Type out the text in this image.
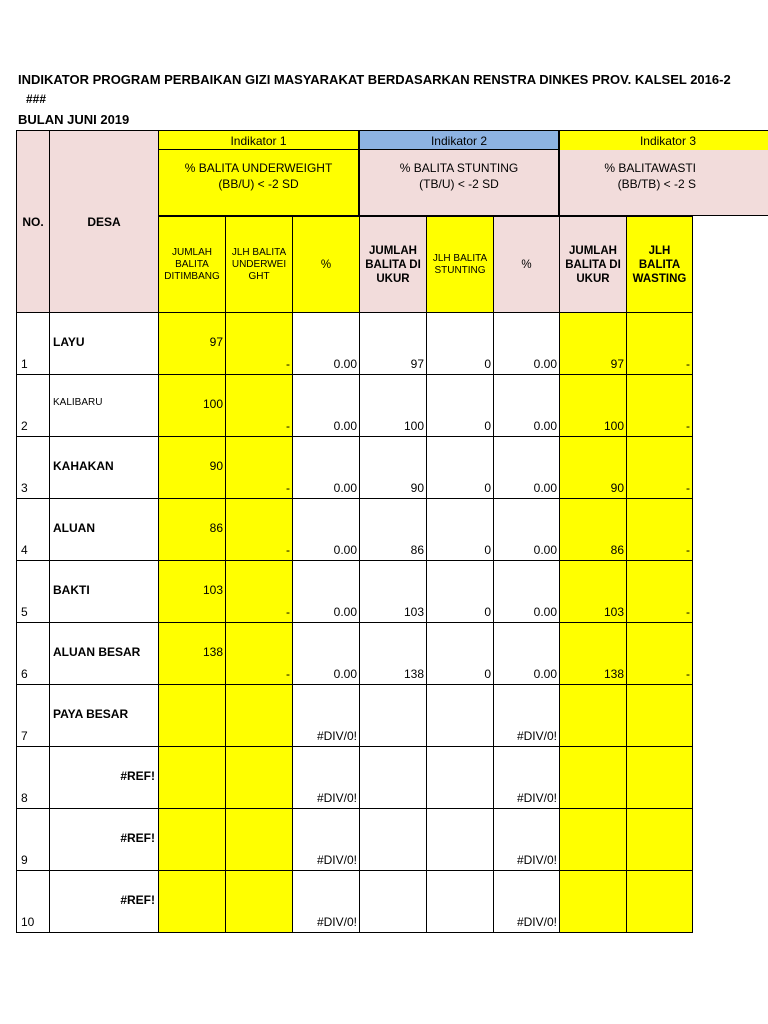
INDIKATOR PROGRAM PERBAIKAN GIZI MASYARAKAT BERDASARKAN RENSTRA DINKES PROV. KALSEL 2016-2
###
BULAN JUNI 2019
NO.	DESA								

		JUMLAH BALITA DITIMBANG	JLH BALITA UNDERWEI GHT	%	JUMLAH BALITA DI UKUR	JLH BALITA STUNTING	%	JUMLAH BALITA DI UKUR	JLH BALITA WASTING

Indikator 1	Indikator 2	Indikator 3
% BALITA UNDERWEIGHT
(BB/U) < -2 SD
% BALITA STUNTING
(TB/U) < -2 SD
% BALITAWASTI
(BB/TB) < -2 S
1	LAYU	97	-	0.00	97	0	0.00	97	-
2	KALIBARU	100	-	0.00	100	0	0.00	100	-
3	KAHAKAN	90	-	0.00	90	0	0.00	90	-
4	ALUAN	86	-	0.00	86	0	0.00	86	-
5	BAKTI	103	-	0.00	103	0	0.00	103	-
6	ALUAN BESAR	138	-	0.00	138	0	0.00	138	-
7	PAYA BESAR			#DIV/0!			#DIV/0!		
8	#REF!			#DIV/0!			#DIV/0!		
9	#REF!			#DIV/0!			#DIV/0!		
10	#REF!			#DIV/0!			#DIV/0!		
